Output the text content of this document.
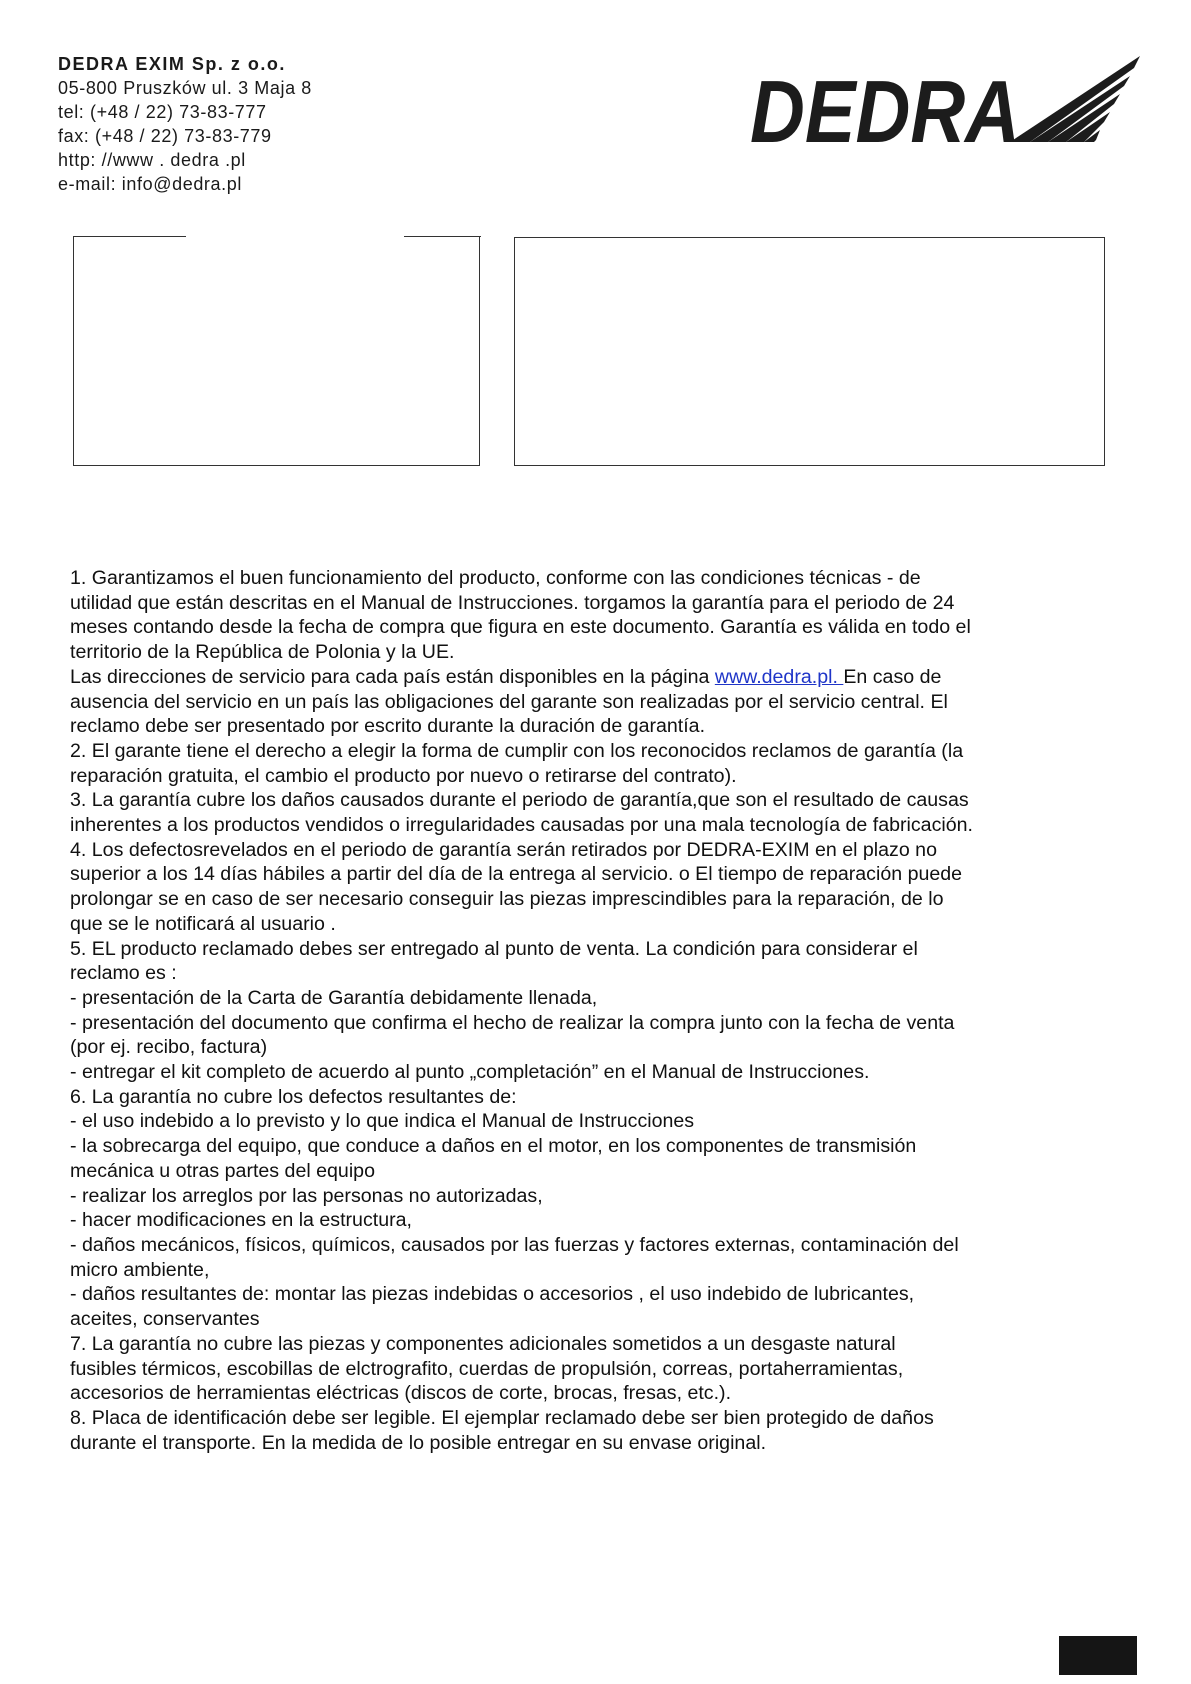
DEDRA EXIM Sp. z o.o.
05-800 Pruszków ul. 3 Maja 8
tel: (+48 / 22) 73-83-777
fax: (+48 / 22) 73-83-779
http: //www . dedra .pl
e-mail: info@dedra.pl
DEDRA

1. Garantizamos el buen funcionamiento del producto, conforme con las condiciones técnicas - de

utilidad que están descritas en el Manual de Instrucciones. torgamos la garantía para el periodo de 24

meses contando desde la fecha de compra que figura en este documento. Garantía es válida en todo el

territorio de la República de Polonia y la UE.

Las direcciones de servicio para cada país están disponibles en la página www.dedra.pl. En caso de

ausencia del servicio en un país las obligaciones del garante son realizadas por el servicio central. El

reclamo debe ser presentado por escrito durante la duración de garantía.

2. El garante tiene el derecho a elegir la forma de cumplir con los reconocidos reclamos de garantía (la

reparación gratuita, el cambio el producto por nuevo o retirarse del contrato).

3. La garantía cubre los daños causados durante el periodo de garantía,que son el resultado de causas

inherentes a los productos vendidos o irregularidades causadas por una mala tecnología de fabricación.

4. Los defectosrevelados en el periodo de garantía serán retirados por DEDRA-EXIM en el plazo no

superior a los 14 días hábiles a partir del día de la entrega al servicio. o El tiempo de reparación puede

prolongar se en caso de ser necesario conseguir las piezas imprescindibles para la reparación, de lo

que se le notificará al usuario .

5. EL producto reclamado debes ser entregado al punto de venta. La condición para considerar el

reclamo es :

- presentación de la Carta de Garantía debidamente llenada,

- presentación del documento que confirma el hecho de realizar la compra junto con la fecha de venta

(por ej. recibo, factura)

- entregar el kit completo de acuerdo al punto „completación” en el Manual de Instrucciones.

6. La garantía no cubre los defectos resultantes de:

- el uso indebido a lo previsto y lo que indica el Manual de Instrucciones

- la sobrecarga del equipo, que conduce a daños en el motor, en los componentes de transmisión

mecánica u otras partes del equipo

- realizar los arreglos por las personas no autorizadas,

- hacer modificaciones en la estructura,

- daños mecánicos, físicos, químicos, causados por las fuerzas y factores externas, contaminación del

micro ambiente,

- daños resultantes de: montar las piezas indebidas o accesorios , el uso indebido de lubricantes,

aceites, conservantes

7. La garantía no cubre las piezas y componentes adicionales sometidos a un desgaste natural

fusibles térmicos, escobillas de elctrografito, cuerdas de propulsión, correas, portaherramientas,

accesorios de herramientas eléctricas (discos de corte, brocas, fresas, etc.).

8. Placa de identificación debe ser legible. El ejemplar reclamado debe ser bien protegido de daños

durante el transporte. En la medida de lo posible entregar en su envase original.
